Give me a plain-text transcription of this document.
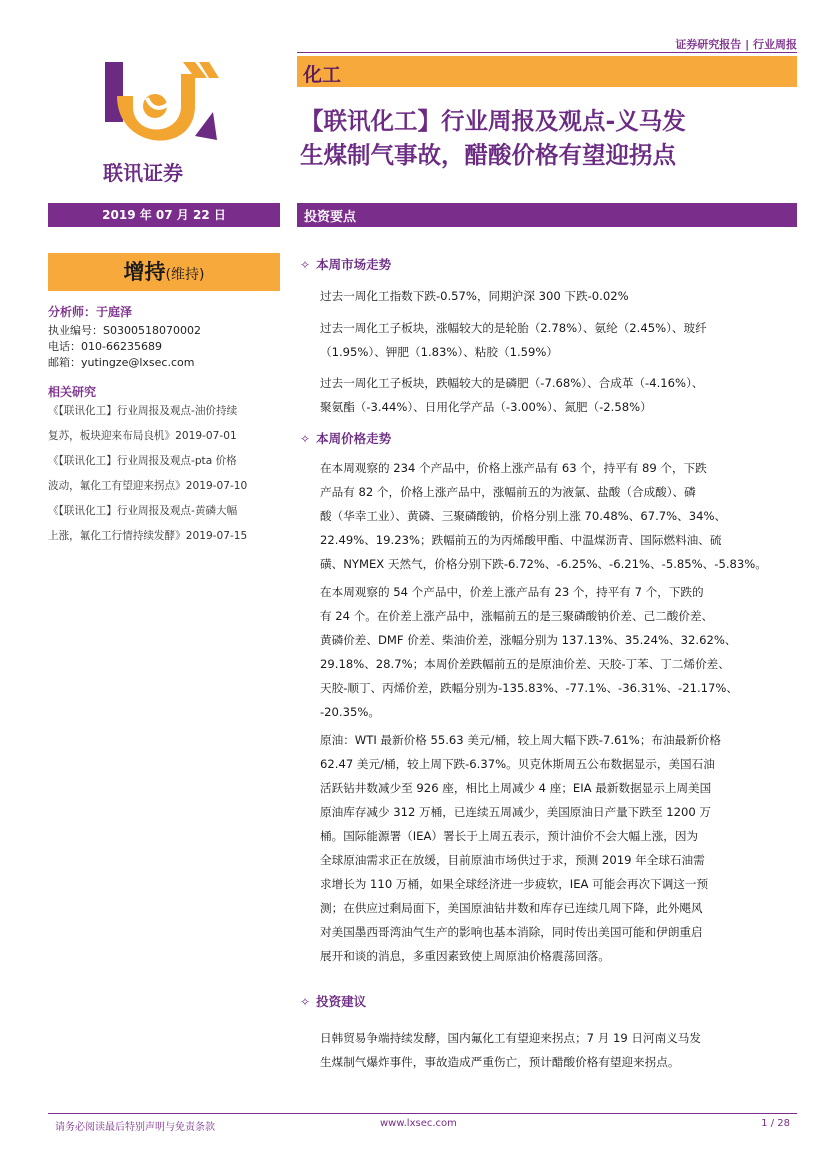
证券研究报告 | 行业周报
联讯证券
化工
【联讯化工】行业周报及观点-义马发
生煤制气事故，醋酸价格有望迎拐点
2019 年 07 月 22 日
增持(维持)
分析师：于庭泽
执业编号：S0300518070002
电话：010-66235689
邮箱：yutingze@lxsec.com
相关研究
《【联讯化工】行业周报及观点-油价持续
复苏，板块迎来布局良机》2019-07-01
《【联讯化工】行业周报及观点-pta 价格
波动，氟化工有望迎来拐点》2019-07-10
《【联讯化工】行业周报及观点-黄磷大幅
上涨，氟化工行情持续发酵》2019-07-15
投资要点
✧ 本周市场走势
过去一周化工指数下跌-0.57%，同期沪深 300 下跌-0.02%
过去一周化工子板块，涨幅较大的是轮胎（2.78%）、氨纶（2.45%）、玻纤
（1.95%）、钾肥（1.83%）、粘胶（1.59%）
过去一周化工子板块，跌幅较大的是磷肥（-7.68%）、合成革（-4.16%）、
聚氨酯（-3.44%）、日用化学产品（-3.00%）、氮肥（-2.58%）
✧ 本周价格走势
在本周观察的 234 个产品中，价格上涨产品有 63 个，持平有 89 个，下跌
产品有 82 个，价格上涨产品中，涨幅前五的为液氯、盐酸（合成酸）、磷
酸（华幸工业）、黄磷、三聚磷酸钠，价格分别上涨 70.48%、67.7%、34%、
22.49%、19.23%；跌幅前五的为丙烯酸甲酯、中温煤沥青、国际燃料油、硫
磺、NYMEX 天然气，价格分别下跌-6.72%、-6.25%、-6.21%、-5.85%、-5.83%。
在本周观察的 54 个产品中，价差上涨产品有 23 个，持平有 7 个，下跌的
有 24 个。在价差上涨产品中，涨幅前五的是三聚磷酸钠价差、己二酸价差、
黄磷价差、DMF 价差、柴油价差，涨幅分别为 137.13%、35.24%、32.62%、
29.18%、28.7%；本周价差跌幅前五的是原油价差、天胶-丁苯、丁二烯价差、
天胶-顺丁、丙烯价差，跌幅分别为-135.83%、-77.1%、-36.31%、-21.17%、
-20.35%。
原油：WTI 最新价格 55.63 美元/桶，较上周大幅下跌-7.61%；布油最新价格
62.47 美元/桶，较上周下跌-6.37%。贝克休斯周五公布数据显示，美国石油
活跃钻井数减少至 926 座，相比上周减少 4 座；EIA 最新数据显示上周美国
原油库存减少 312 万桶，已连续五周减少，美国原油日产量下跌至 1200 万
桶。国际能源署（IEA）署长于上周五表示，预计油价不会大幅上涨，因为
全球原油需求正在放缓，目前原油市场供过于求，预测 2019 年全球石油需
求增长为 110 万桶，如果全球经济进一步疲软，IEA 可能会再次下调这一预
测；在供应过剩局面下，美国原油钻井数和库存已连续几周下降，此外飓风
对美国墨西哥湾油气生产的影响也基本消除，同时传出美国可能和伊朗重启
展开和谈的消息，多重因素致使上周原油价格震荡回落。
✧ 投资建议
日韩贸易争端持续发酵，国内氟化工有望迎来拐点；7 月 19 日河南义马发
生煤制气爆炸事件，事故造成严重伤亡，预计醋酸价格有望迎来拐点。
请务必阅读最后特别声明与免责条款	www.lxsec.com	1 / 28
